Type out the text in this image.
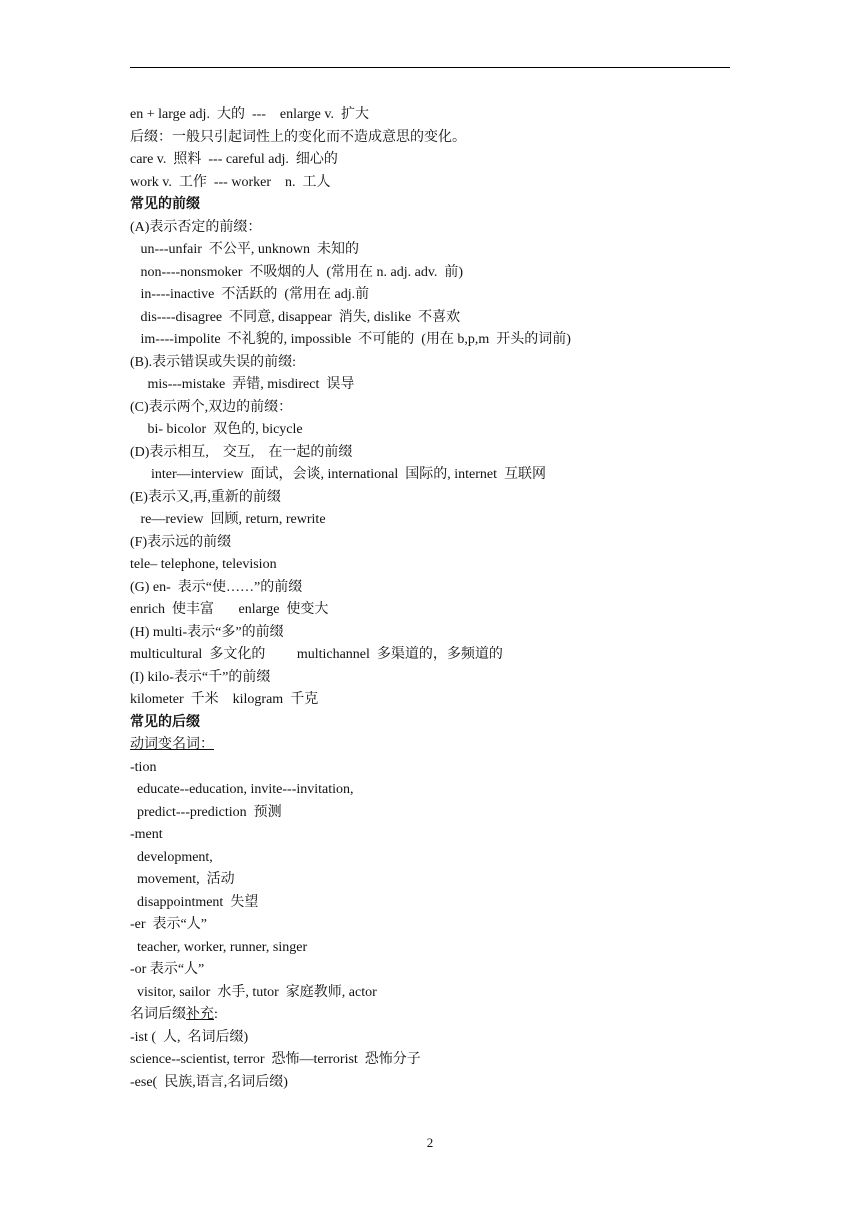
en + large adj.  大的  ---    enlarge v.  扩大
后缀：一般只引起词性上的变化而不造成意思的变化。
care v.  照料  --- careful adj.  细心的
work v.  工作  --- worker    n.  工人
常见的前缀
(A)表示否定的前缀：
un---unfair  不公平, unknown  未知的
non----nonsmoker  不吸烟的人  (常用在 n. adj. adv.  前)
in----inactive  不活跃的  (常用在 adj.前
dis----disagree  不同意, disappear  消失, dislike  不喜欢
im----impolite  不礼貌的, impossible  不可能的  (用在 b,p,m  开头的词前)
(B).表示错误或失误的前缀:
mis---mistake  弄错, misdirect  误导
(C)表示两个,双边的前缀：
bi- bicolor  双色的, bicycle
(D)表示相互,    交互,    在一起的前缀
inter—interview  面试，会谈, international  国际的, internet  互联网
(E)表示又,再,重新的前缀
re—review  回顾, return, rewrite
(F)表示远的前缀
tele– telephone, television
(G) en-  表示“使……”的前缀
enrich  使丰富       enlarge  使变大
(H) multi-表示“多”的前缀
multicultural  多文化的         multichannel  多渠道的，多频道的
(I) kilo-表示“千”的前缀
kilometer  千米    kilogram  千克
常见的后缀
动词变名词：
-tion
educate--education, invite---invitation,
predict---prediction  预测
-ment
development,
movement,  活动
disappointment  失望
-er  表示“人”
teacher, worker, runner, singer
-or 表示“人”
visitor, sailor  水手, tutor  家庭教师, actor
名词后缀补充:
-ist (  人,  名词后缀)
science--scientist, terror  恐怖—terrorist  恐怖分子
-ese(  民族,语言,名词后缀)
2
